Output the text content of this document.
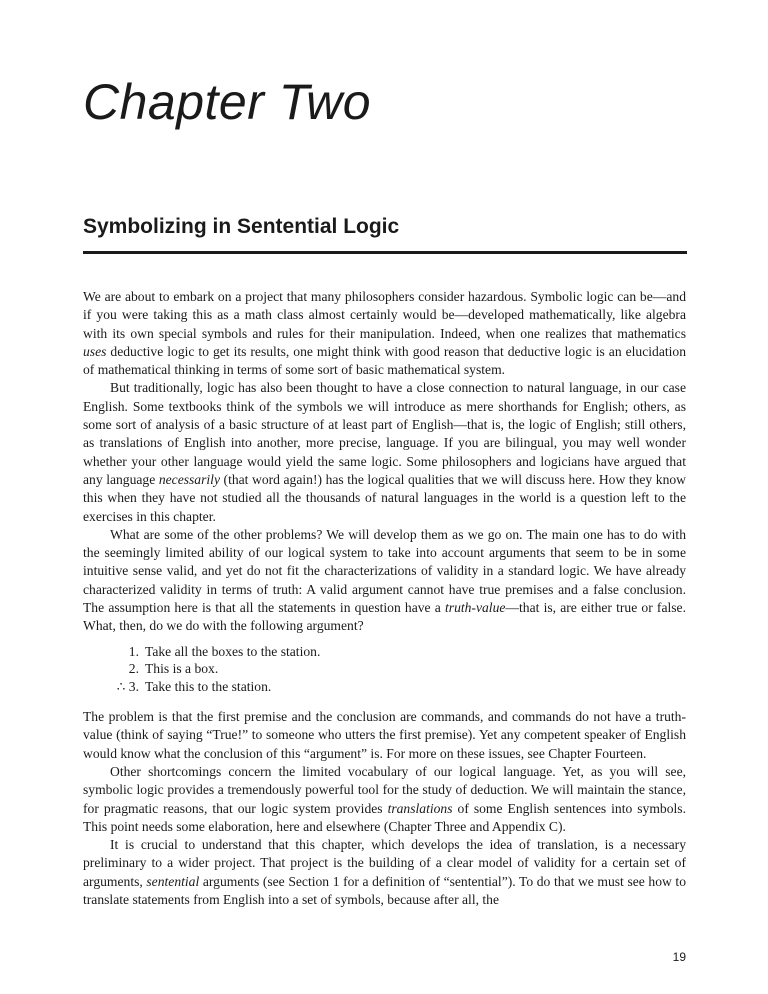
Chapter Two
Symbolizing in Sentential Logic

We are about to embark on a project that many philosophers consider hazardous. Symbolic logic can be—and if you were taking this as a math class almost certainly would be—developed mathematically, like algebra with its own special symbols and rules for their manipulation. Indeed, when one realizes that mathematics uses deductive logic to get its results, one might think with good reason that deductive logic is an elucidation of mathematical thinking in terms of some sort of basic mathematical system.

But traditionally, logic has also been thought to have a close connection to natural language, in our case English. Some textbooks think of the symbols we will introduce as mere shorthands for English; others, as some sort of analysis of a basic structure of at least part of English—that is, the logic of English; still others, as translations of English into another, more precise, language. If you are bilingual, you may well wonder whether your other language would yield the same logic. Some philosophers and logicians have argued that any language necessarily (that word again!) has the logical qualities that we will discuss here. How they know this when they have not studied all the thousands of natural languages in the world is a question left to the exercises in this chapter.

What are some of the other problems? We will develop them as we go on. The main one has to do with the seemingly limited ability of our logical system to take into account arguments that seem to be in some intuitive sense valid, and yet do not fit the characterizations of validity in a standard logic. We have already characterized validity in terms of truth: A valid argument cannot have true premises and a false conclusion. The assumption here is that all the statements in question have a truth-value—that is, are either true or false. What, then, do we do with the following argument?

1. Take all the boxes to the station.
2. This is a box.
∴ 3. Take this to the station.

The problem is that the first premise and the conclusion are commands, and commands do not have a truth-value (think of saying “True!” to someone who utters the first premise). Yet any competent speaker of English would know what the conclusion of this “argument” is. For more on these issues, see Chapter Fourteen.

Other shortcomings concern the limited vocabulary of our logical language. Yet, as you will see, symbolic logic provides a tremendously powerful tool for the study of deduction. We will maintain the stance, for pragmatic reasons, that our logic system provides translations of some English sentences into symbols. This point needs some elaboration, here and elsewhere (Chapter Three and Appendix C).

It is crucial to understand that this chapter, which develops the idea of translation, is a necessary preliminary to a wider project. That project is the building of a clear model of validity for a certain set of arguments, sentential arguments (see Section 1 for a definition of “sentential”). To do that we must see how to translate statements from English into a set of symbols, because after all, the

19
